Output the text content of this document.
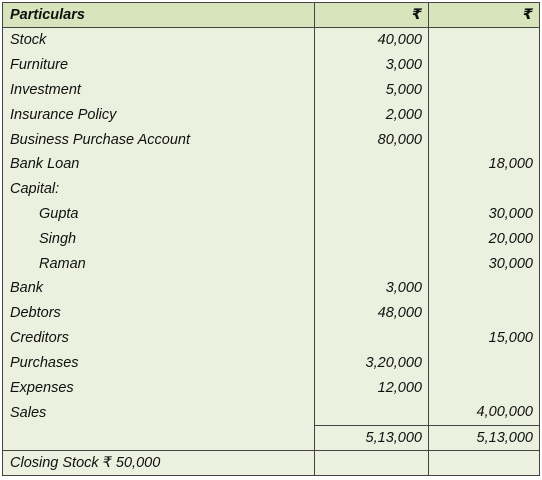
Particulars	₹	₹
Stock	40,000	
Furniture	3,000	
Investment	5,000	
Insurance Policy	2,000	
Business Purchase Account	80,000	
Bank Loan		18,000
Capital:		
Gupta		30,000
Singh		20,000
Raman		30,000
Bank	3,000	
Debtors	48,000	
Creditors		15,000
Purchases	3,20,000	
Expenses	12,000	
Sales		4,00,000
	5,13,000	5,13,000
Closing Stock ₹ 50,000		
